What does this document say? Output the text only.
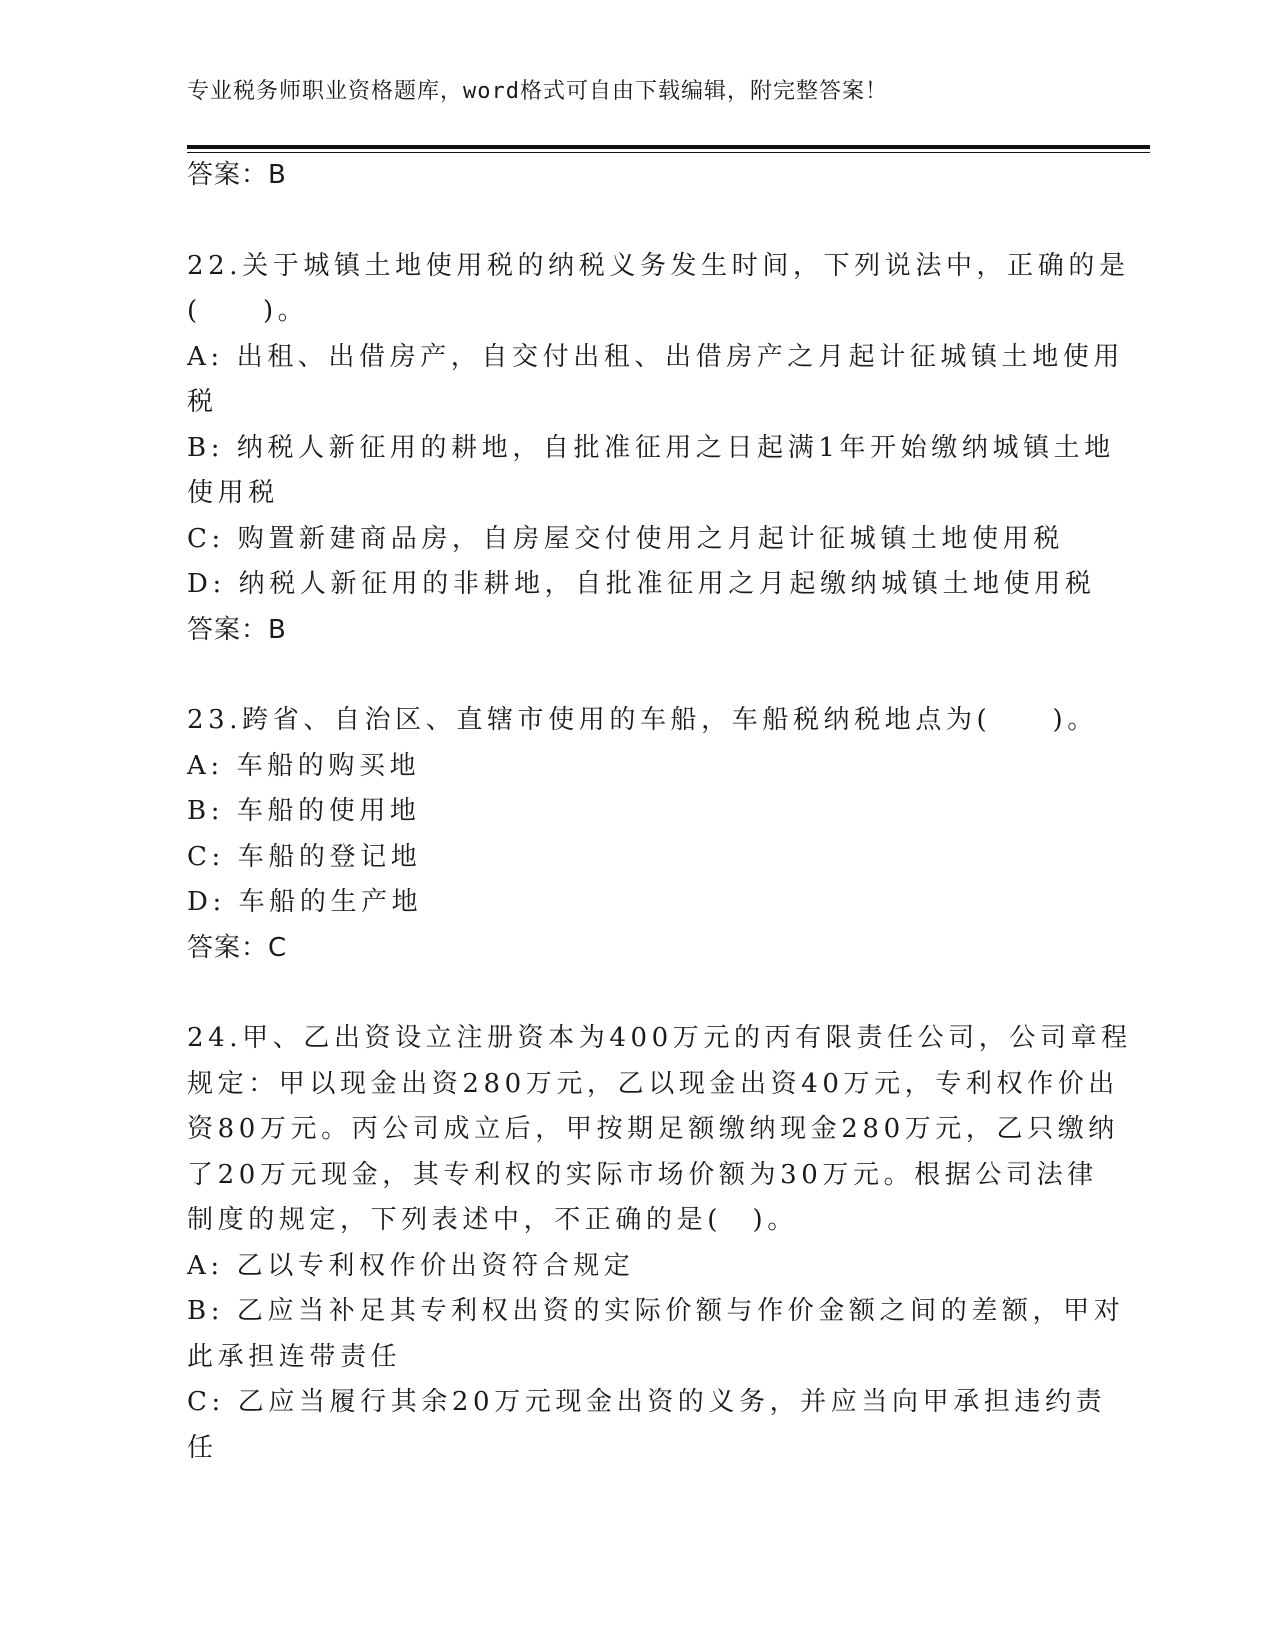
专业税务师职业资格题库，word格式可自由下载编辑，附完整答案！
答案：B
22.关于城镇土地使用税的纳税义务发生时间，下列说法中，正确的是
(　　)。
A: 出租、出借房产，自交付出租、出借房产之月起计征城镇土地使用
税
B: 纳税人新征用的耕地，自批准征用之日起满1年开始缴纳城镇土地
使用税
C: 购置新建商品房，自房屋交付使用之月起计征城镇土地使用税
D: 纳税人新征用的非耕地，自批准征用之月起缴纳城镇土地使用税
答案：B
23.跨省、自治区、直辖市使用的车船，车船税纳税地点为(　　)。
A: 车船的购买地
B: 车船的使用地
C: 车船的登记地
D: 车船的生产地
答案：C
24.甲、乙出资设立注册资本为400万元的丙有限责任公司，公司章程
规定：甲以现金出资280万元，乙以现金出资40万元，专利权作价出
资80万元。丙公司成立后，甲按期足额缴纳现金280万元，乙只缴纳
了20万元现金，其专利权的实际市场价额为30万元。根据公司法律
制度的规定，下列表述中，不正确的是(　)。
A: 乙以专利权作价出资符合规定
B: 乙应当补足其专利权出资的实际价额与作价金额之间的差额，甲对
此承担连带责任
C: 乙应当履行其余20万元现金出资的义务，并应当向甲承担违约责
任
